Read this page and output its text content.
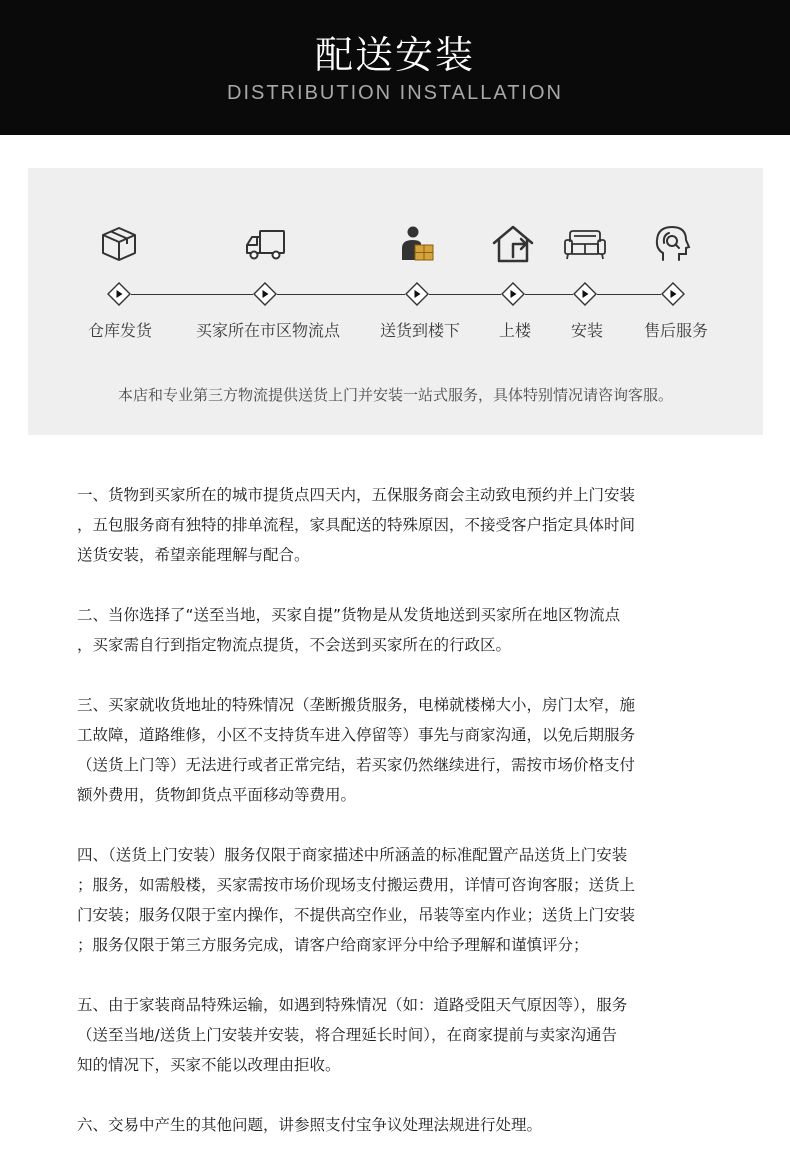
配送安装
DISTRIBUTION INSTALLATION
仓库发货	买家所在市区物流点	送货到楼下	上楼	安装	售后服务
本店和专业第三方物流提供送货上门并安装一站式服务，具体特别情况请咨询客服。
一、货物到买家所在的城市提货点四天内，五保服务商会主动致电预约并上门安装
，五包服务商有独特的排单流程，家具配送的特殊原因，不接受客户指定具体时间
送货安装，希望亲能理解与配合。
二、当你选择了“送至当地，买家自提”货物是从发货地送到买家所在地区物流点
，买家需自行到指定物流点提货，不会送到买家所在的行政区。
三、买家就收货地址的特殊情况（垄断搬货服务，电梯就楼梯大小，房门太窄，施
工故障，道路维修，小区不支持货车进入停留等）事先与商家沟通，以免后期服务
（送货上门等）无法进行或者正常完结，若买家仍然继续进行，需按市场价格支付
额外费用，货物卸货点平面移动等费用。
四、（送货上门安装）服务仅限于商家描述中所涵盖的标准配置产品送货上门安装
；服务，如需般楼，买家需按市场价现场支付搬运费用，详情可咨询客服；送货上
门安装；服务仅限于室内操作，不提供高空作业，吊装等室内作业；送货上门安装
；服务仅限于第三方服务完成，请客户给商家评分中给予理解和谨慎评分；
五、由于家装商品特殊运输，如遇到特殊情况（如：道路受阻天气原因等），服务
（送至当地/送货上门安装并安装，将合理延长时间），在商家提前与卖家沟通告
知的情况下，买家不能以改理由拒收。
六、交易中产生的其他问题，讲参照支付宝争议处理法规进行处理。
